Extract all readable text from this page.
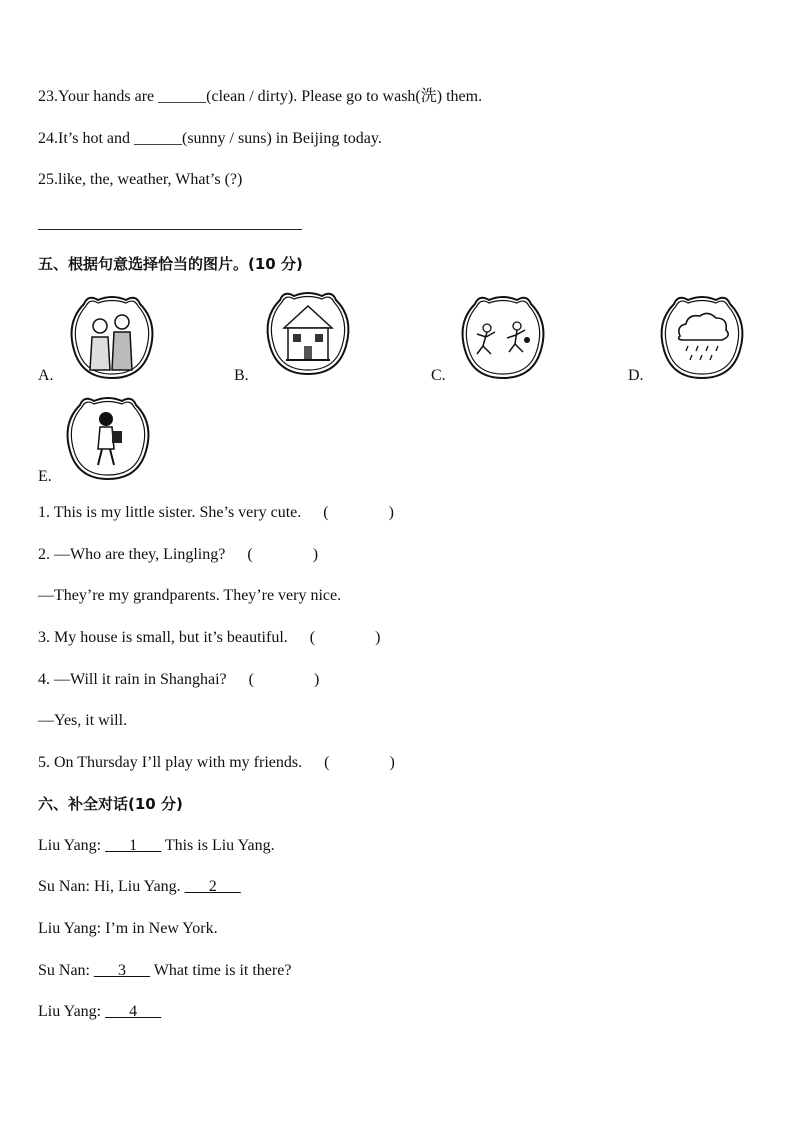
23.Your hands are ______(clean / dirty). Please go to wash(洗) them.
24.It’s hot and ______(sunny / suns) in Beijing today.
25.like, the, weather, What’s (?)
五、根据句意选择恰当的图片。(10 分)
A.	B.	C.	D.
E.
1. This is my little sister. She’s very cute. (	)
2. —Who are they, Lingling? (	)
—They’re my grandparents. They’re very nice.
3. My house is small, but it’s beautiful. (	)
4. —Will it rain in Shanghai? (	)
—Yes, it will.
5. On Thursday I’ll play with my friends. (	)
六、补全对话(10 分)
Liu Yang: ___1___ This is Liu Yang.
Su Nan: Hi, Liu Yang. ___2___
Liu Yang: I’m in New York.
Su Nan: ___3___ What time is it there?
Liu Yang: ___4___
